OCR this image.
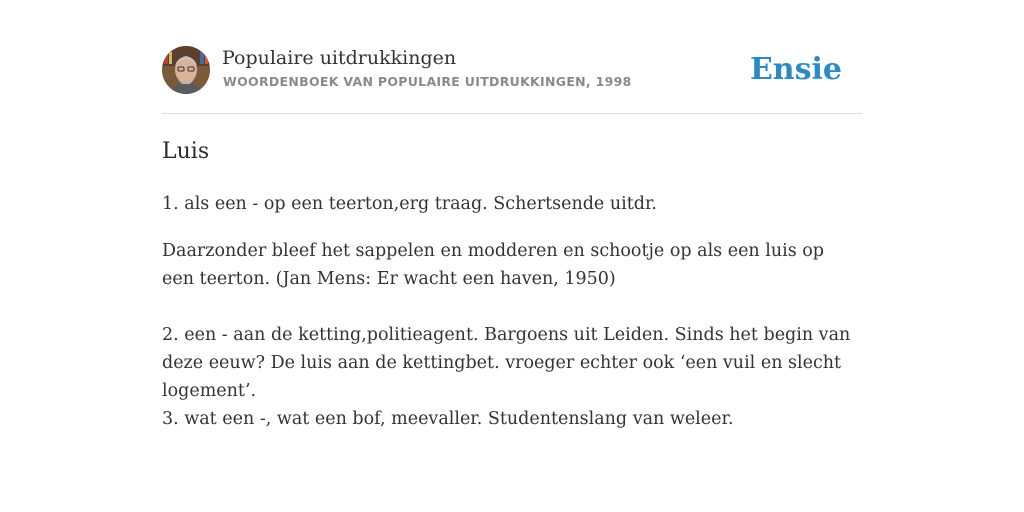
Populaire uitdrukkingen
WOORDENBOEK VAN POPULAIRE UITDRUKKINGEN, 1998	Ensie
Luis

1. als een - op een teerton,erg traag. Schertsende uitdr.

Daarzonder bleef het sappelen en modderen en schootje op als een luis op een teerton. (Jan Mens: Er wacht een haven, 1950)

2. een - aan de ketting,politieagent. Bargoens uit Leiden. Sinds het begin van deze eeuw? De luis aan de kettingbet. vroeger echter ook ‘een vuil en slecht logement’.

3. wat een -, wat een bof, meevaller. Studentenslang van weleer.
